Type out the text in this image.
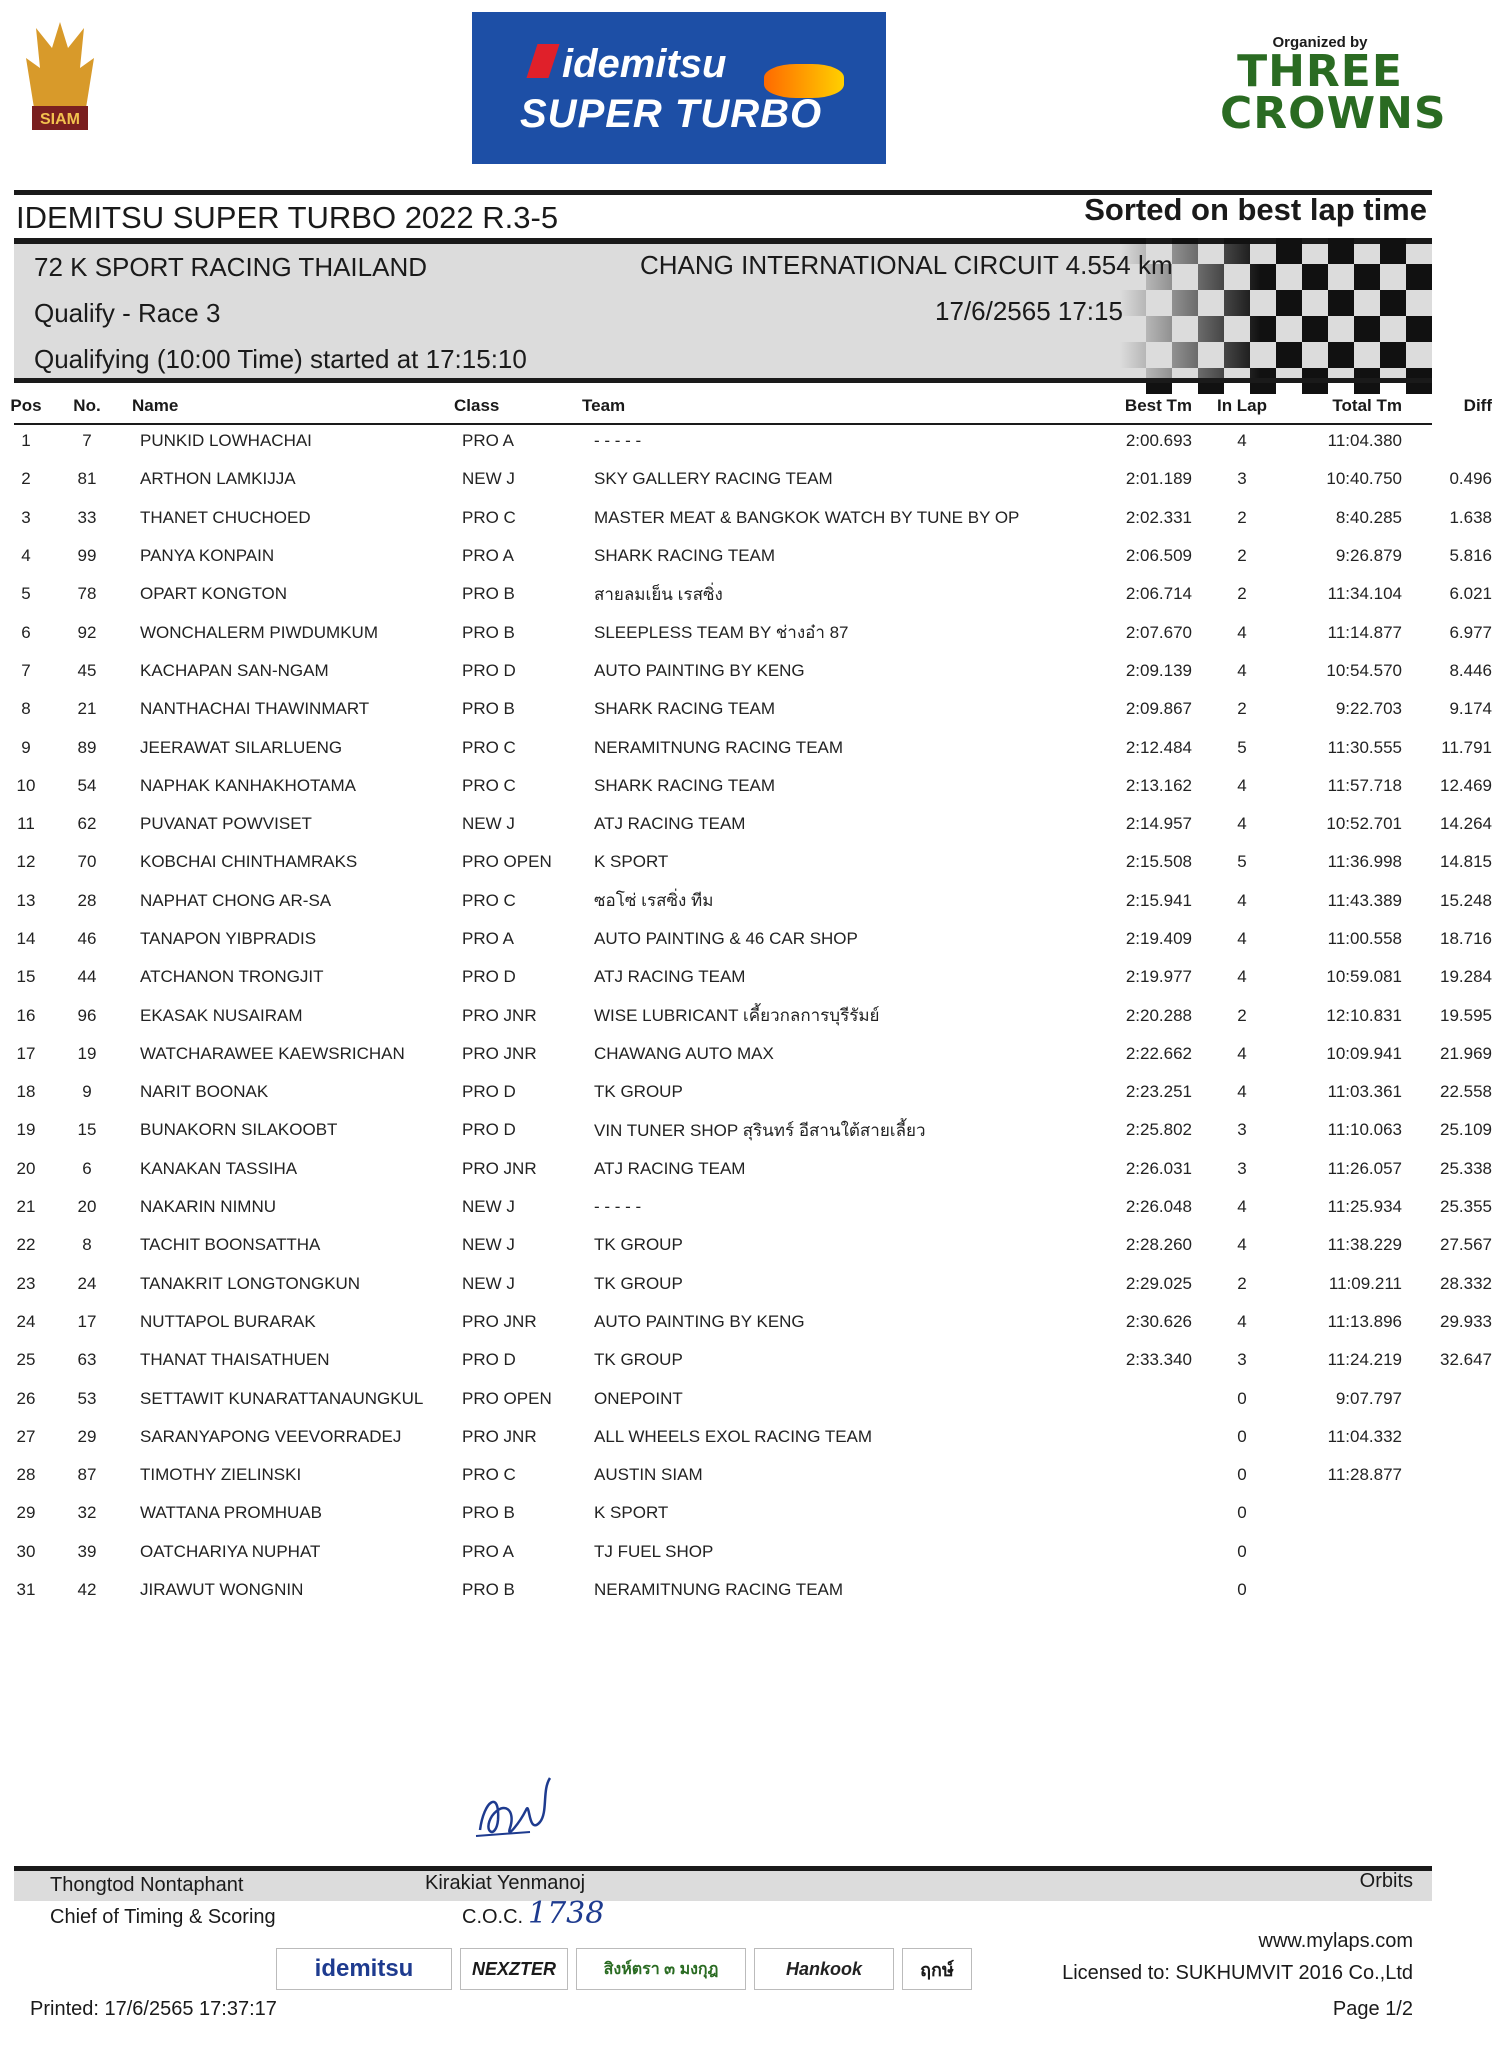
SIAM
idemitsu
SUPER TURBO
Organized by
THREE
CROWNS
IDEMITSU SUPER TURBO 2022 R.3-5	Sorted on best lap time
72 K SPORT RACING THAILAND
Qualify - Race 3
Qualifying (10:00 Time) started at 17:15:10
CHANG INTERNATIONAL CIRCUIT 4.554 km
17/6/2565 17:15
Pos	No.	Name	Class	Team	Best Tm	In Lap	Total Tm	Diff
1	7	PUNKID LOWHACHAI	PRO A	- - - - -	2:00.693	4	11:04.380	
2	81	ARTHON LAMKIJJA	NEW J	SKY GALLERY RACING TEAM	2:01.189	3	10:40.750	0.496
3	33	THANET CHUCHOED	PRO C	MASTER MEAT & BANGKOK WATCH BY TUNE BY OP	2:02.331	2	8:40.285	1.638
4	99	PANYA KONPAIN	PRO A	SHARK RACING TEAM	2:06.509	2	9:26.879	5.816
5	78	OPART KONGTON	PRO B	สายลมเย็น เรสซิ่ง	2:06.714	2	11:34.104	6.021
6	92	WONCHALERM PIWDUMKUM	PRO B	SLEEPLESS TEAM BY ช่างอ๋า 87	2:07.670	4	11:14.877	6.977
7	45	KACHAPAN SAN-NGAM	PRO D	AUTO PAINTING BY KENG	2:09.139	4	10:54.570	8.446
8	21	NANTHACHAI THAWINMART	PRO B	SHARK RACING TEAM	2:09.867	2	9:22.703	9.174
9	89	JEERAWAT SILARLUENG	PRO C	NERAMITNUNG RACING TEAM	2:12.484	5	11:30.555	11.791
10	54	NAPHAK KANHAKHOTAMA	PRO C	SHARK RACING TEAM	2:13.162	4	11:57.718	12.469
11	62	PUVANAT POWVISET	NEW J	ATJ RACING TEAM	2:14.957	4	10:52.701	14.264
12	70	KOBCHAI CHINTHAMRAKS	PRO OPEN	K SPORT	2:15.508	5	11:36.998	14.815
13	28	NAPHAT CHONG AR-SA	PRO C	ซอโซ่ เรสซิ่ง ทีม	2:15.941	4	11:43.389	15.248
14	46	TANAPON YIBPRADIS	PRO A	AUTO PAINTING & 46 CAR SHOP	2:19.409	4	11:00.558	18.716
15	44	ATCHANON TRONGJIT	PRO D	ATJ RACING TEAM	2:19.977	4	10:59.081	19.284
16	96	EKASAK NUSAIRAM	PRO JNR	WISE LUBRICANT เคี้ยวกลการบุรีรัมย์	2:20.288	2	12:10.831	19.595
17	19	WATCHARAWEE KAEWSRICHAN	PRO JNR	CHAWANG AUTO MAX	2:22.662	4	10:09.941	21.969
18	9	NARIT BOONAK	PRO D	TK GROUP	2:23.251	4	11:03.361	22.558
19	15	BUNAKORN SILAKOOBT	PRO D	VIN TUNER SHOP สุรินทร์ อีสานใต้สายเลี้ยว	2:25.802	3	11:10.063	25.109
20	6	KANAKAN TASSIHA	PRO JNR	ATJ RACING TEAM	2:26.031	3	11:26.057	25.338
21	20	NAKARIN NIMNU	NEW J	- - - - -	2:26.048	4	11:25.934	25.355
22	8	TACHIT BOONSATTHA	NEW J	TK GROUP	2:28.260	4	11:38.229	27.567
23	24	TANAKRIT LONGTONGKUN	NEW J	TK GROUP	2:29.025	2	11:09.211	28.332
24	17	NUTTAPOL BURARAK	PRO JNR	AUTO PAINTING BY KENG	2:30.626	4	11:13.896	29.933
25	63	THANAT THAISATHUEN	PRO D	TK GROUP	2:33.340	3	11:24.219	32.647
26	53	SETTAWIT KUNARATTANAUNGKUL	PRO OPEN	ONEPOINT		0	9:07.797	
27	29	SARANYAPONG VEEVORRADEJ	PRO JNR	ALL WHEELS EXOL RACING TEAM		0	11:04.332	
28	87	TIMOTHY ZIELINSKI	PRO C	AUSTIN SIAM		0	11:28.877	
29	32	WATTANA PROMHUAB	PRO B	K SPORT		0		
30	39	OATCHARIYA NUPHAT	PRO A	TJ FUEL SHOP		0		
31	42	JIRAWUT WONGNIN	PRO B	NERAMITNUNG RACING TEAM		0		
Thongtod Nontaphant	Kirakiat Yenmanoj	Orbits
Chief of Timing & Scoring	C.O.C. 1738
idemitsu	NEXZTER	สิงห์ตรา ๓ มงกุฎ	Hankook	ฤกษ์
www.mylaps.com
Licensed to: SUKHUMVIT 2016 Co.,Ltd
Printed: 17/6/2565 17:37:17	Page 1/2
